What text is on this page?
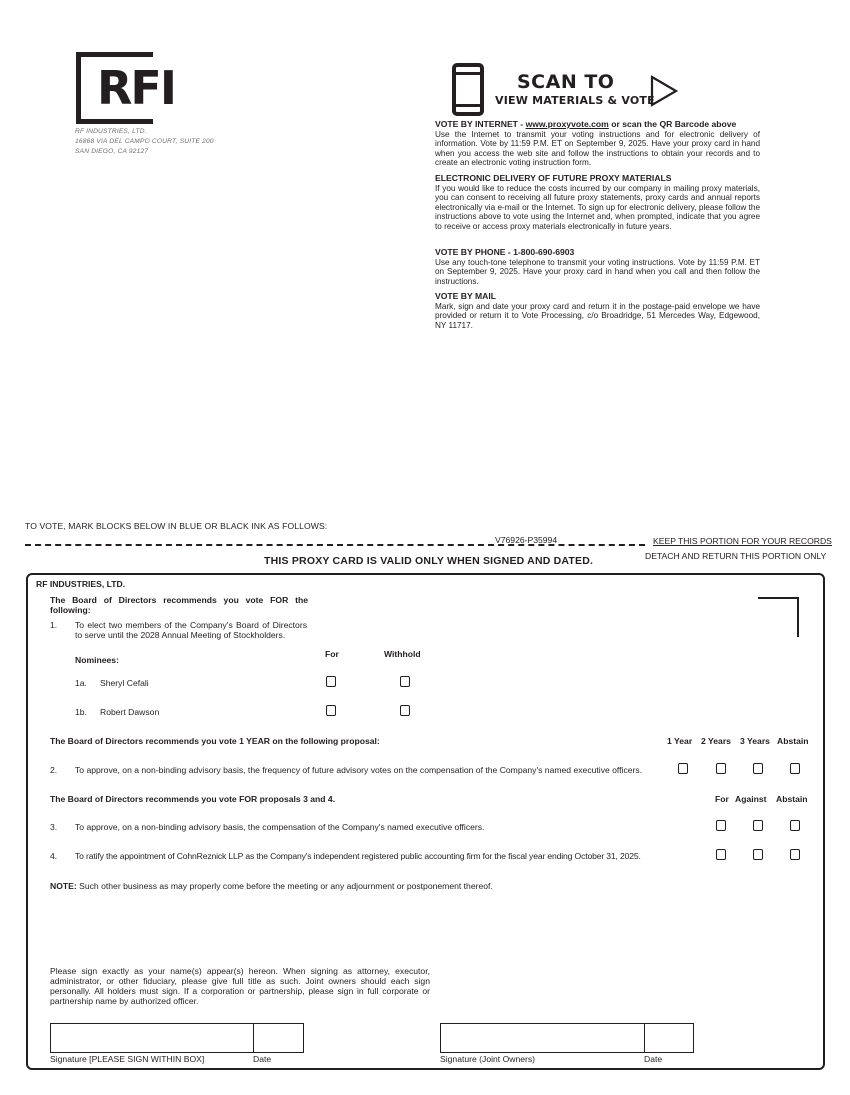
RFI
RF INDUSTRIES, LTD.
16868 VIA DEL CAMPO COURT, SUITE 200
SAN DIEGO, CA 92127
SCAN TO
VIEW MATERIALS & VOTE
VOTE BY INTERNET - www.proxyvote.com or scan the QR Barcode above

Use the Internet to transmit your voting instructions and for electronic delivery of information. Vote by 11:59 P.M. ET on September 9, 2025. Have your proxy card in hand when you access the web site and follow the instructions to obtain your records and to create an electronic voting instruction form.

ELECTRONIC DELIVERY OF FUTURE PROXY MATERIALS

If you would like to reduce the costs incurred by our company in mailing proxy materials, you can consent to receiving all future proxy statements, proxy cards and annual reports electronically via e-mail or the Internet. To sign up for electronic delivery, please follow the instructions above to vote using the Internet and, when prompted, indicate that you agree to receive or access proxy materials electronically in future years.

VOTE BY PHONE - 1-800-690-6903

Use any touch-tone telephone to transmit your voting instructions. Vote by 11:59 P.M. ET on September 9, 2025. Have your proxy card in hand when you call and then follow the instructions.

VOTE BY MAIL

Mark, sign and date your proxy card and return it in the postage-paid envelope we have provided or return it to Vote Processing, c/o Broadridge, 51 Mercedes Way, Edgewood, NY 11717.

TO VOTE, MARK BLOCKS BELOW IN BLUE OR BLACK INK AS FOLLOWS:
V76926-P35994	KEEP THIS PORTION FOR YOUR RECORDS
DETACH AND RETURN THIS PORTION ONLY
THIS PROXY CARD IS VALID ONLY WHEN SIGNED AND DATED.
RF INDUSTRIES, LTD.
The Board of Directors recommends you vote FOR the following:
1. To elect two members of the Company's Board of Directors to serve until the 2028 Annual Meeting of Stockholders.
Nominees:
For	Withhold
1a. Sheryl Cefali
1b. Robert Dawson
The Board of Directors recommends you vote 1 YEAR on the following proposal:	1 Year 2 Years 3 Years Abstain
2. To approve, on a non-binding advisory basis, the frequency of future advisory votes on the compensation of the Company's named executive officers.
The Board of Directors recommends you vote FOR proposals 3 and 4.	For Against Abstain
3. To approve, on a non-binding advisory basis, the compensation of the Company's named executive officers.
4. To ratify the appointment of CohnReznick LLP as the Company's independent registered public accounting firm for the fiscal year ending October 31, 2025.
NOTE: Such other business as may properly come before the meeting or any adjournment or postponement thereof.
Please sign exactly as your name(s) appear(s) hereon. When signing as attorney, executor, administrator, or other fiduciary, please give full title as such. Joint owners should each sign personally. All holders must sign. If a corporation or partnership, please sign in full corporate or partnership name by authorized officer.
Signature [PLEASE SIGN WITHIN BOX]	Date	Signature (Joint Owners)	Date
